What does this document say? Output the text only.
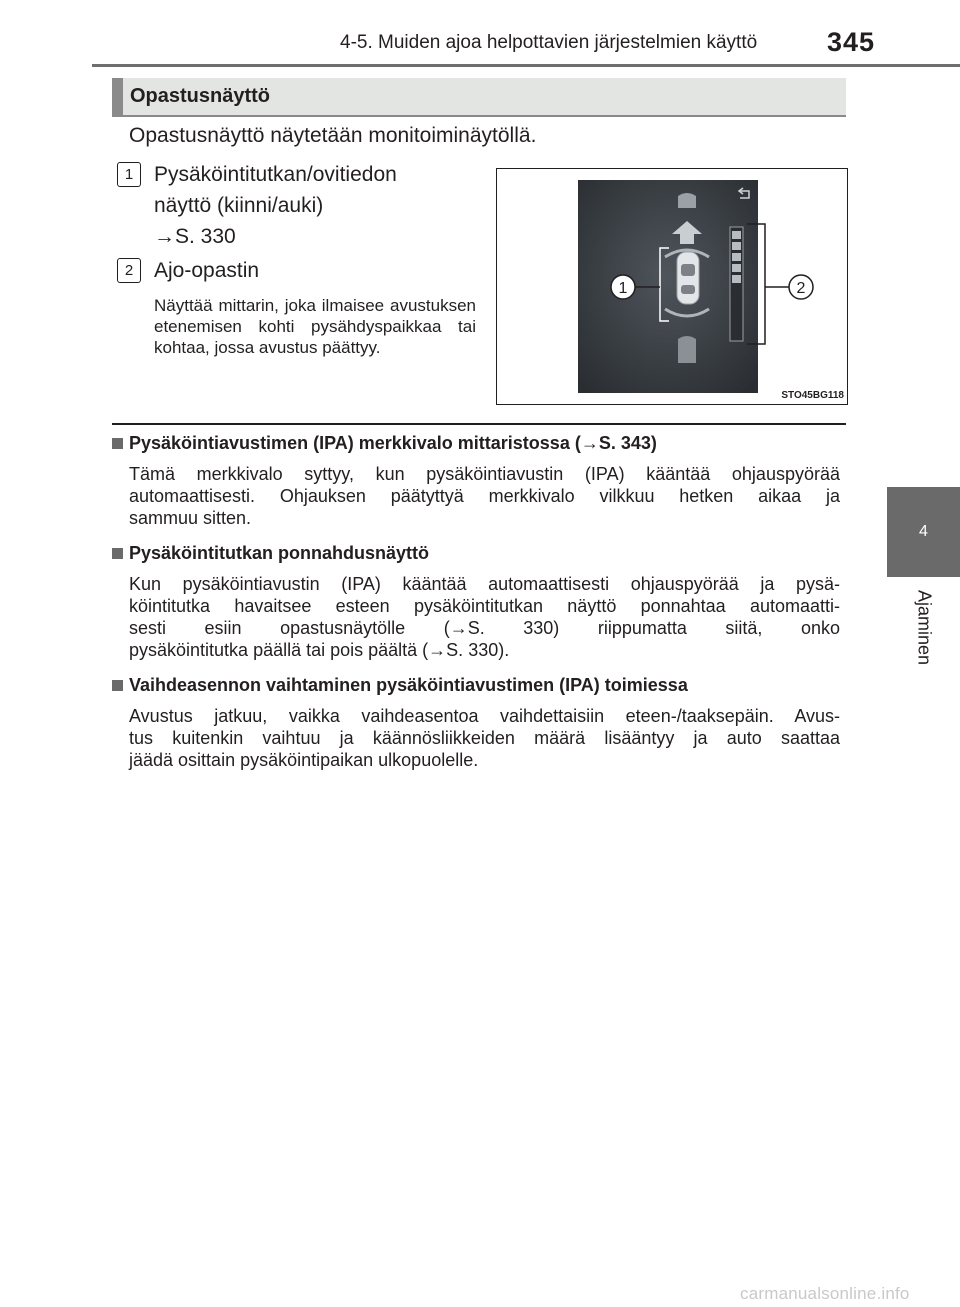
4-5. Muiden ajoa helpottavien järjestelmien käyttö	345
4
Ajaminen
Opastusnäyttö
Opastusnäyttö näytetään monitoiminäytöllä.
1 Pysäköintitutkan/ovitiedon
näyttö (kiinni/auki)
→S. 330
2 Ajo-opastin
Näyttää mittarin, joka ilmaisee avustuksen etenemisen kohti pysähdyspaikkaa tai kohtaa, jossa avustus päättyy.
1	2
STO45BG118
Pysäköintiavustimen (IPA) merkkivalo mittaristossa (→S. 343)
Tämä merkkivalo syttyy, kun pysäköintiavustin (IPA) kääntää ohjauspyörää
automaattisesti. Ohjauksen päätyttyä merkkivalo vilkkuu hetken aikaa ja
sammuu sitten.
Pysäköintitutkan ponnahdusnäyttö
Kun pysäköintiavustin (IPA) kääntää automaattisesti ohjauspyörää ja pysä-
köintitutka havaitsee esteen pysäköintitutkan näyttö ponnahtaa automaatti-
sesti esiin opastusnäytölle (→S. 330) riippumatta siitä, onko
pysäköintitutka päällä tai pois päältä (→S. 330).
Vaihdeasennon vaihtaminen pysäköintiavustimen (IPA) toimiessa
Avustus jatkuu, vaikka vaihdeasentoa vaihdettaisiin eteen-/taaksepäin. Avus-
tus kuitenkin vaihtuu ja käännösliikkeiden määrä lisääntyy ja auto saattaa
jäädä osittain pysäköintipaikan ulkopuolelle.
carmanualsonline.info
